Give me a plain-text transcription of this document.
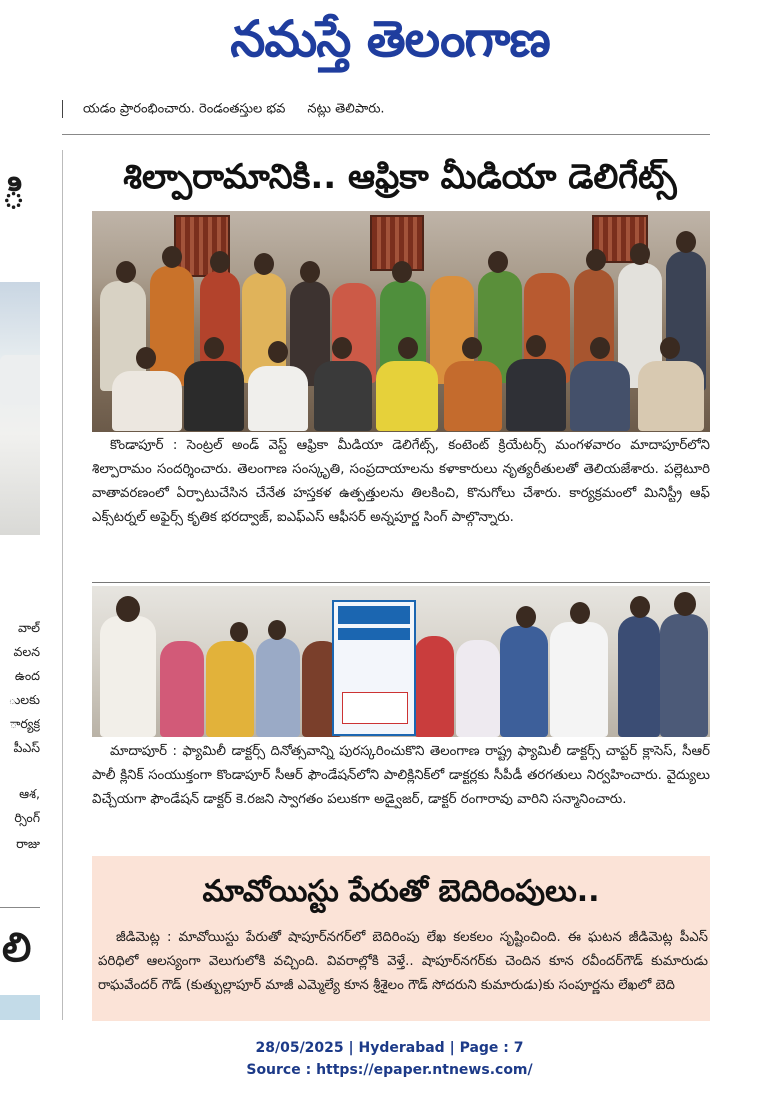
నమస్తే తెలంగాణ
యడం ప్రారంభించారు. రెండంతస్తుల భవ నట్లు తెలిపారు.
ి
వాల్
వలన
ఉంద
ులకు
ార్యక్ర
పీఎస్
ఆశ,
ర్సింగ్
రాజు
లి
శిల్పారామానికి.. ఆఫ్రికా మీడియా డెలిగేట్స్
కొండాపూర్ : సెంట్రల్ అండ్ వెస్ట్ ఆఫ్రికా మీడియా డెలిగేట్స్, కంటెంట్ క్రియేటర్స్ మంగళవారం మాదాపూర్‌లోని శిల్పారామం సందర్శించారు. తెలంగాణ సంస్కృతి, సంప్రదాయాలను కళాకారులు నృత్యరీతులతో తెలియజేశారు. పల్లెటూరి వాతావరణంలో ఏర్పాటుచేసిన చేనేత హస్తకళ ఉత్పత్తులను తిలకించి, కొనుగోలు చేశారు. కార్యక్రమంలో మినిస్ట్రీ ఆఫ్ ఎక్స్‌టర్నల్ అఫైర్స్ కృతిక భరద్వాజ్, ఐఎఫ్ఎస్ ఆఫీసర్ అన్నపూర్ణ సింగ్ పాల్గొన్నారు.
మాదాపూర్ : ఫ్యామిలీ డాక్టర్స్ దినోత్సవాన్ని పురస్కరించుకొని తెలంగాణ రాష్ట్ర ఫ్యామిలీ డాక్టర్స్ చాప్టర్ క్లాసెస్, సీఆర్ పాలీ క్లినిక్ సంయుక్తంగా కొండాపూర్ సీఆర్ ఫౌండేషన్‌లోని పాలిక్లినిక్‌లో డాక్టర్లకు సీపీడీ తరగతులు నిర్వహించారు. వైద్యులు విచ్చేయగా ఫౌండేషన్ డాక్టర్ కె.రజని స్వాగతం పలుకగా అడ్వైజర్, డాక్టర్ రంగారావు వారిని సన్మానించారు.
మావోయిస్టు పేరుతో బెదిరింపులు..
జీడిమెట్ల : మావోయిస్టు పేరుతో షాపూర్‌నగర్‌లో బెదిరింపు లేఖ కలకలం సృష్టించింది. ఈ ఘటన జీడిమెట్ల పీఎస్ పరిధిలో ఆలస్యంగా వెలుగులోకి వచ్చింది. వివరాల్లోకి వెళ్తే.. షాపూర్‌నగర్‌కు చెందిన కూన రవీందర్‌గౌడ్ కుమారుడు రాఘవేందర్ గౌడ్ (కుత్బుల్లాపూర్ మాజీ ఎమ్మెల్యే కూన శ్రీశైలం గౌడ్ సోదరుని కుమారుడు)కు సంపూర్ణను లేఖలో బెది
28/05/2025 | Hyderabad | Page : 7
Source : https://epaper.ntnews.com/
